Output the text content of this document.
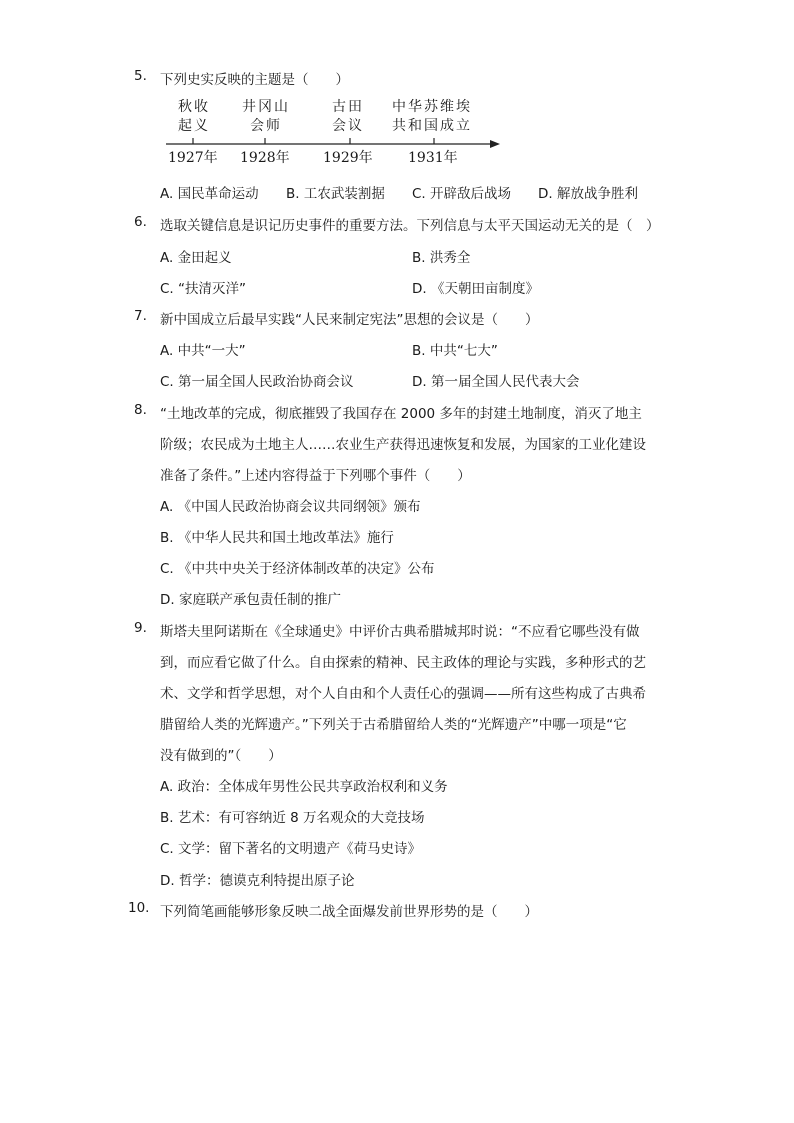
5. 下列史实反映的主题是（　　）
秋收
起义
井冈山
会师
古田
会议
中华苏维埃
共和国成立
1927年 1928年 1929年	1931年
A. 国民革命运动 B. 工农武装割据 C. 开辟敌后战场 D. 解放战争胜利
6. 选取关键信息是识记历史事件的重要方法。下列信息与太平天国运动无关的是（　）
A. 金田起义	B. 洪秀全
C. “扶清灭洋”	D. 《天朝田亩制度》
7. 新中国成立后最早实践“人民来制定宪法”思想的会议是（　　）
A. 中共“一大”	B. 中共“七大”
C. 第一届全国人民政治协商会议	D. 第一届全国人民代表大会
8. “土地改革的完成，彻底摧毁了我国存在 2000 多年的封建土地制度，消灭了地主
阶级；农民成为土地主人……农业生产获得迅速恢复和发展，为国家的工业化建设
准备了条件。”上述内容得益于下列哪个事件（　　）
A. 《中国人民政治协商会议共同纲领》颁布
B. 《中华人民共和国土地改革法》施行
C. 《中共中央关于经济体制改革的决定》公布
D. 家庭联产承包责任制的推广
9. 斯塔夫里阿诺斯在《全球通史》中评价古典希腊城邦时说：“不应看它哪些没有做
到，而应看它做了什么。自由探索的精神、民主政体的理论与实践，多种形式的艺
术、文学和哲学思想，对个人自由和个人责任心的强调——所有这些构成了古典希
腊留给人类的光辉遗产。”下列关于古希腊留给人类的“光辉遗产”中哪一项是“它
没有做到的”（　　）
A. 政治：全体成年男性公民共享政治权利和义务
B. 艺术：有可容纳近 8 万名观众的大竞技场
C. 文学：留下著名的文明遗产《荷马史诗》
D. 哲学：德谟克利特提出原子论
10. 下列简笔画能够形象反映二战全面爆发前世界形势的是（　　）
